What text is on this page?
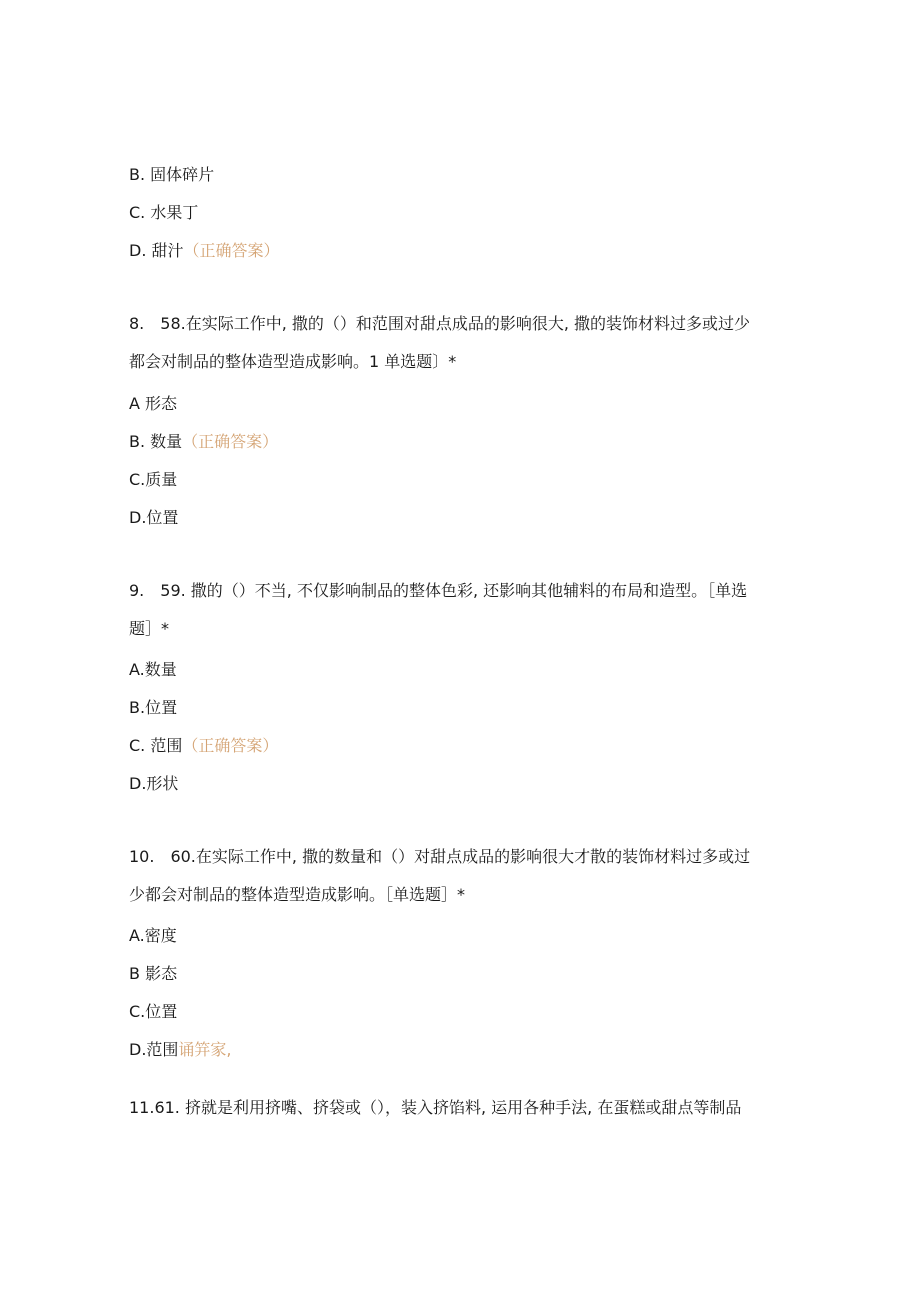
B. 固体碎片
C. 水果丁
D. 甜汁（正确答案）
8.　58.在实际工作中, 撒的（）和范围对甜点成品的影响很大, 撒的装饰材料过多或过少
都会对制品的整体造型造成影响。1 单选题〕*
A 形态
B. 数量（正确答案）
C.质量
D.位置
9.　59. 撒的（）不当, 不仅影响制品的整体色彩, 还影响其他辅料的布局和造型。［单选
题］*
A.数量
B.位置
C. 范围（正确答案）
D.形状
10.　60.在实际工作中, 撒的数量和（）对甜点成品的影响很大才散的装饰材料过多或过
少都会对制品的整体造型造成影响。［单选题］*
A.密度
B 影态
C.位置
D.范围诵笄家,
11.61. 挤就是利用挤嘴、挤袋或（），装入挤馅料, 运用各种手法, 在蛋糕或甜点等制品
